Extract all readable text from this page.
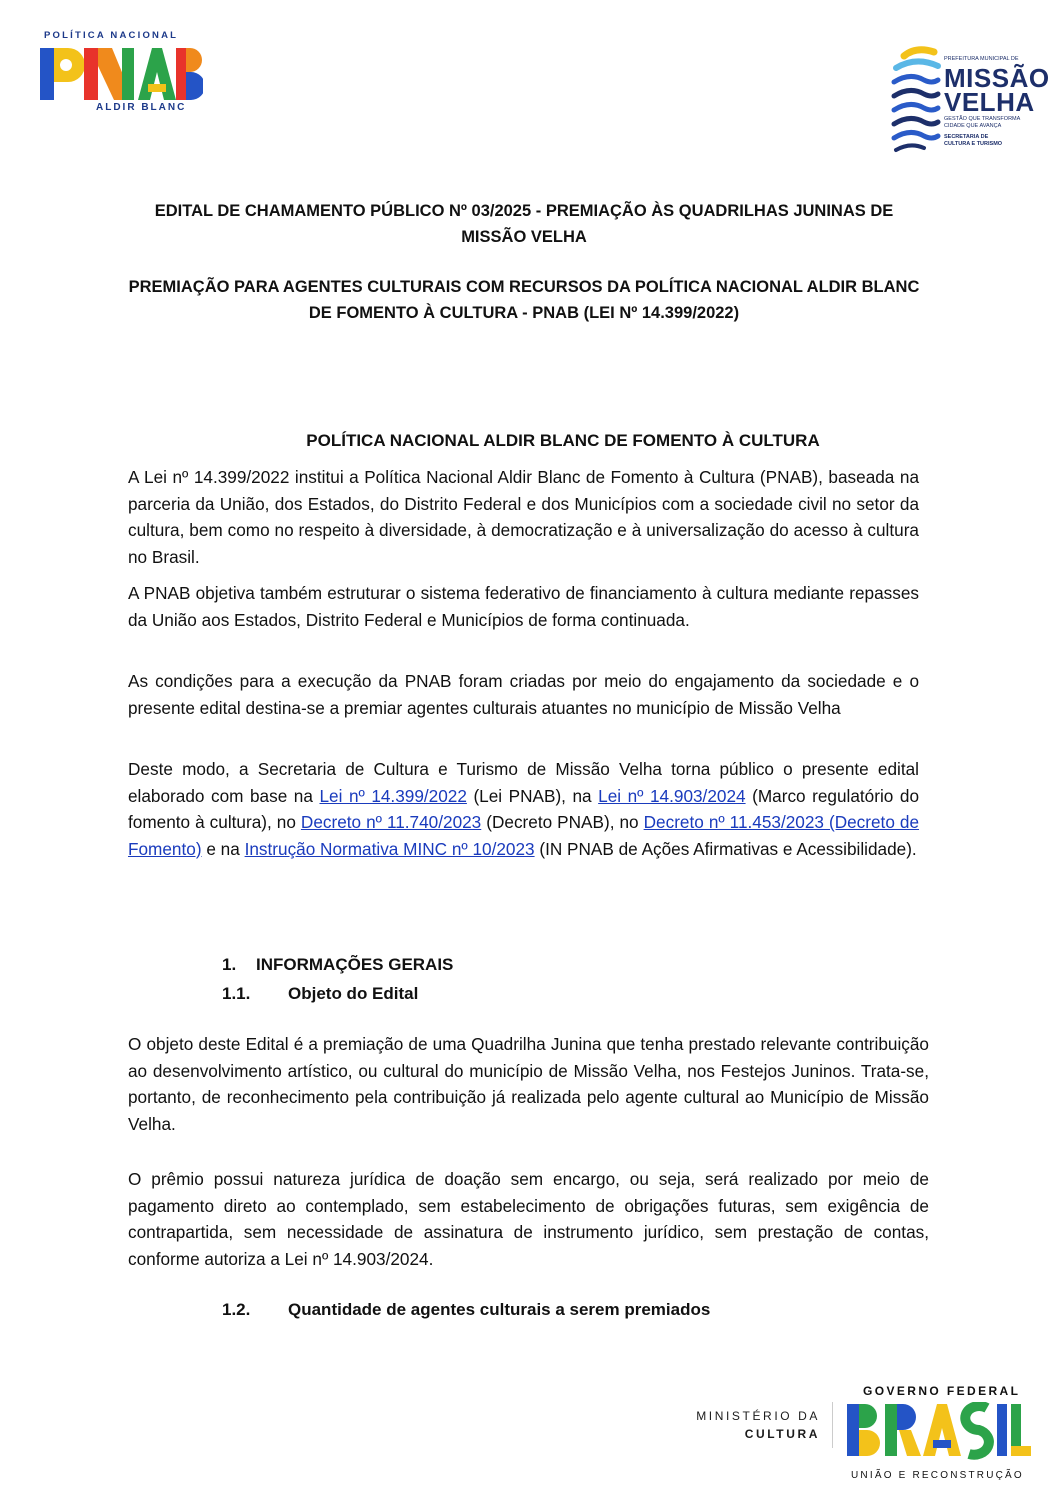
POLÍTICA NACIONAL
ALDIR BLANC
PREFEITURA MUNICIPAL DE
MISSÃO
VELHA
GESTÃO QUE TRANSFORMA
CIDADE QUE AVANÇA
SECRETARIA DE
CULTURA E TURISMO
EDITAL DE CHAMAMENTO PÚBLICO Nº 03/2025 - PREMIAÇÃO ÀS QUADRILHAS JUNINAS DE MISSÃO VELHA
PREMIAÇÃO PARA AGENTES CULTURAIS COM RECURSOS DA POLÍTICA NACIONAL ALDIR BLANC DE FOMENTO À CULTURA - PNAB (LEI Nº 14.399/2022)
POLÍTICA NACIONAL ALDIR BLANC DE FOMENTO À CULTURA
A Lei nº 14.399/2022 institui a Política Nacional Aldir Blanc de Fomento à Cultura (PNAB), baseada na parceria da União, dos Estados, do Distrito Federal e dos Municípios com a sociedade civil no setor da cultura, bem como no respeito à diversidade, à democratização e à universalização do acesso à cultura no Brasil.
A PNAB objetiva também estruturar o sistema federativo de financiamento à cultura mediante repasses da União aos Estados, Distrito Federal e Municípios de forma continuada.
As condições para a execução da PNAB foram criadas por meio do engajamento da sociedade e o presente edital destina-se a premiar agentes culturais atuantes no município de Missão Velha
Deste modo, a Secretaria de Cultura e Turismo de Missão Velha torna público o presente edital elaborado com base na Lei nº 14.399/2022 (Lei PNAB), na Lei nº 14.903/2024 (Marco regulatório do fomento à cultura), no Decreto nº 11.740/2023 (Decreto PNAB), no Decreto nº 11.453/2023 (Decreto de Fomento) e na Instrução Normativa MINC nº 10/2023 (IN PNAB de Ações Afirmativas e Acessibilidade).
1. INFORMAÇÕES GERAIS
1.1. Objeto do Edital
O objeto deste Edital é a premiação de uma Quadrilha Junina que tenha prestado relevante contribuição ao desenvolvimento artístico, ou cultural do município de Missão Velha, nos Festejos Juninos. Trata-se, portanto, de reconhecimento pela contribuição já realizada pelo agente cultural ao Município de Missão Velha.
O prêmio possui natureza jurídica de doação sem encargo, ou seja, será realizado por meio de pagamento direto ao contemplado, sem estabelecimento de obrigações futuras, sem exigência de contrapartida, sem necessidade de assinatura de instrumento jurídico, sem prestação de contas, conforme autoriza a Lei nº 14.903/2024.
1.2. Quantidade de agentes culturais a serem premiados
MINISTÉRIO DA
CULTURA
GOVERNO FEDERAL
UNIÃO E RECONSTRUÇÃO
